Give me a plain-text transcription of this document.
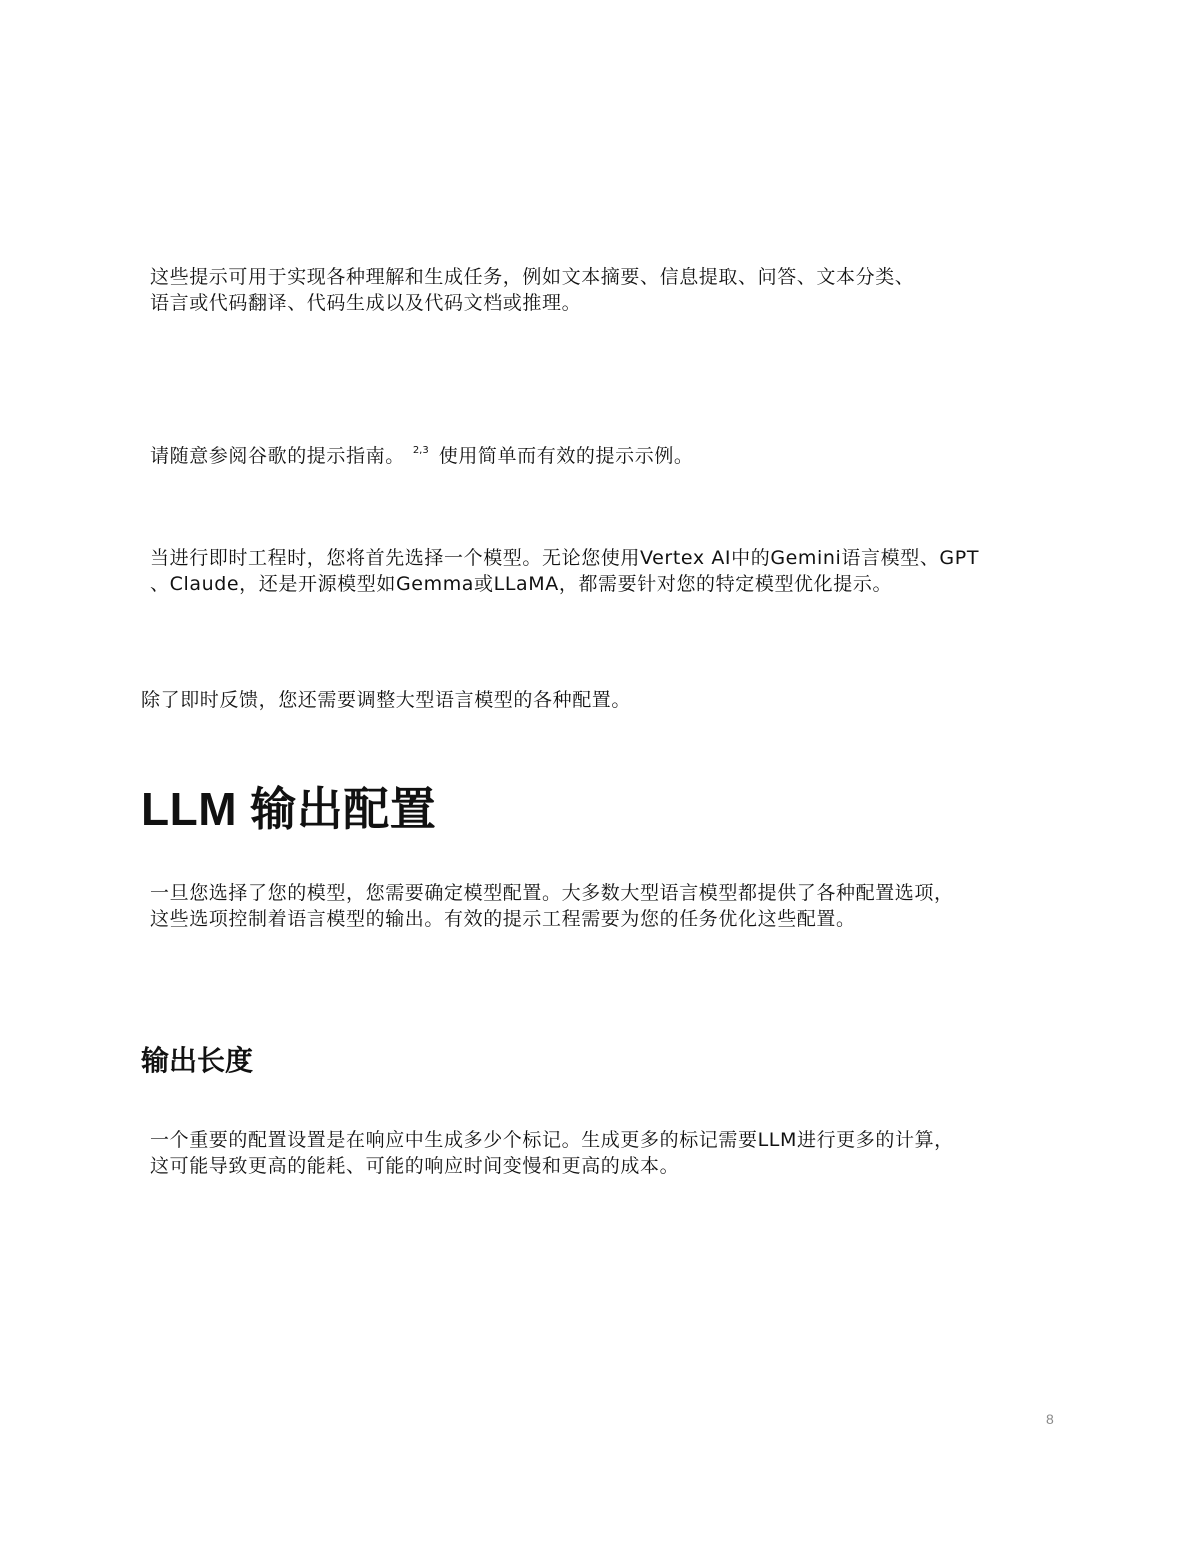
这些提示可用于实现各种理解和生成任务，例如文本摘要、信息提取、问答、文本分类、
语言或代码翻译、代码生成以及代码文档或推理。

请随意参阅谷歌的提示指南。 $^{2,3}$ 使用简单而有效的提示示例。

当进行即时工程时，您将首先选择一个模型。无论您使用Vertex AI中的Gemini语言模型、GPT
、Claude，还是开源模型如Gemma或LLaMA，都需要针对您的特定模型优化提示。

除了即时反馈，您还需要调整大型语言模型的各种配置。

LLM 输出配置

一旦您选择了您的模型，您需要确定模型配置。大多数大型语言模型都提供了各种配置选项，
这些选项控制着语言模型的输出。有效的提示工程需要为您的任务优化这些配置。

输出长度

一个重要的配置设置是在响应中生成多少个标记。生成更多的标记需要LLM进行更多的计算，
这可能导致更高的能耗、可能的响应时间变慢和更高的成本。

8
